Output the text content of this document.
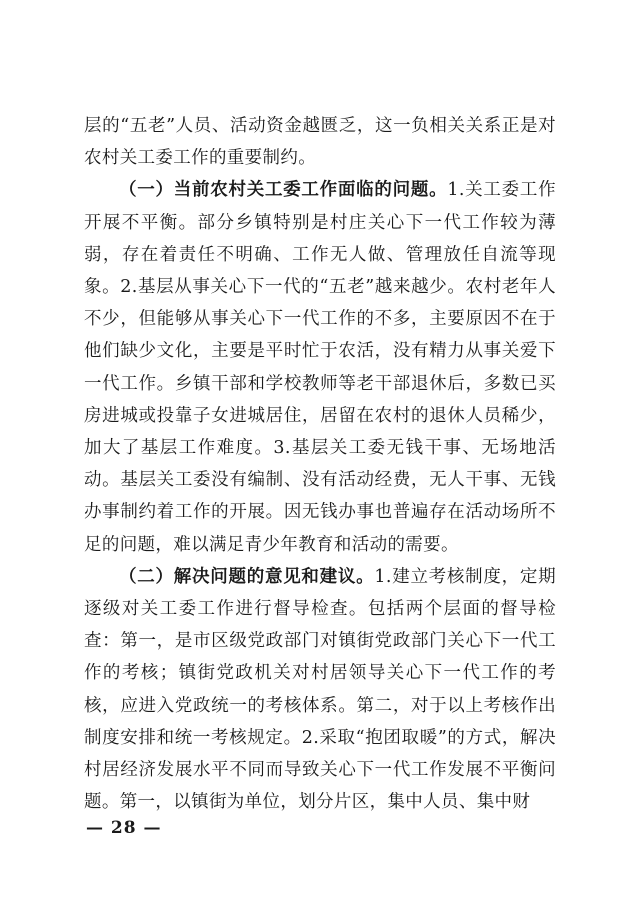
层的“五老”人员、活动资金越匮乏，这一负相关关系正是对农村关工委工作的重要制约。

（一）当前农村关工委工作面临的问题。1.关工委工作开展不平衡。部分乡镇特别是村庄关心下一代工作较为薄弱，存在着责任不明确、工作无人做、管理放任自流等现象。2.基层从事关心下一代的“五老”越来越少。农村老年人不少，但能够从事关心下一代工作的不多，主要原因不在于他们缺少文化，主要是平时忙于农活，没有精力从事关爱下一代工作。乡镇干部和学校教师等老干部退休后，多数已买房进城或投靠子女进城居住，居留在农村的退休人员稀少，加大了基层工作难度。3.基层关工委无钱干事、无场地活动。基层关工委没有编制、没有活动经费，无人干事、无钱办事制约着工作的开展。因无钱办事也普遍存在活动场所不足的问题，难以满足青少年教育和活动的需要。

（二）解决问题的意见和建议。1.建立考核制度，定期逐级对关工委工作进行督导检查。包括两个层面的督导检查：第一，是市区级党政部门对镇街党政部门关心下一代工作的考核；镇街党政机关对村居领导关心下一代工作的考核，应进入党政统一的考核体系。第二，对于以上考核作出制度安排和统一考核规定。2.采取“抱团取暖”的方式，解决村居经济发展水平不同而导致关心下一代工作发展不平衡问题。第一，以镇街为单位，划分片区，集中人员、集中财

— 28 —
